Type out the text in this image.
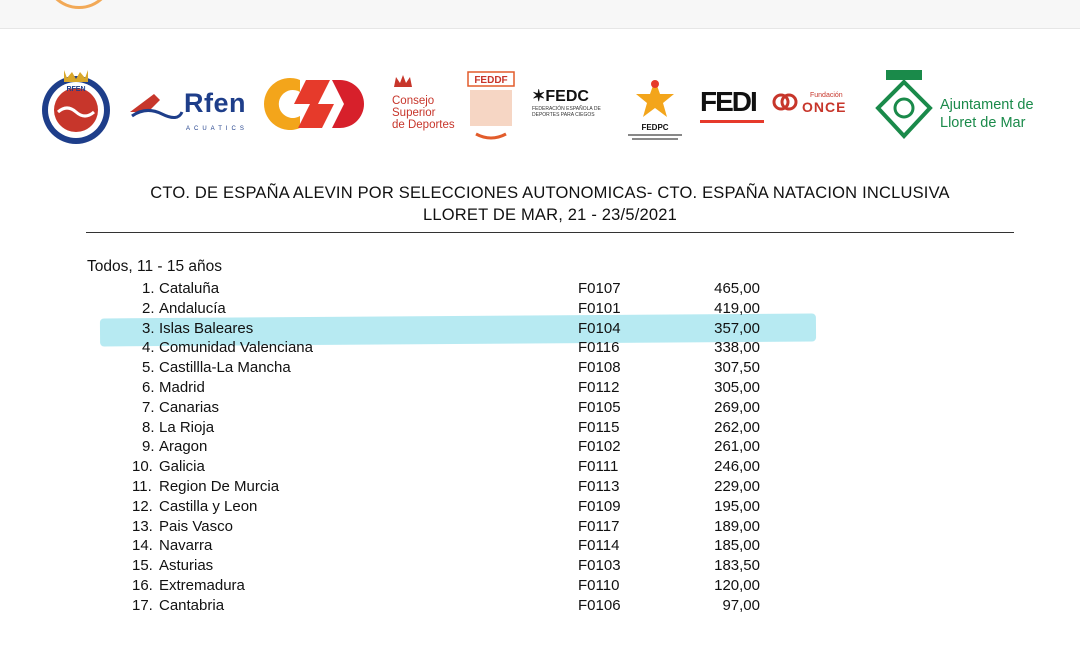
RFEN	Rfen
ACUATICS
Consejo
Superior
de Deportes
FEDDF
✶FEDC
FEDERACIÓN ESPAÑOLA DE DEPORTES PARA CIEGOS
FEDPC
FEDI	Fundación
ONCE	Ajuntament de
Lloret de Mar
CTO. DE ESPAÑA ALEVIN POR SELECCIONES AUTONOMICAS- CTO. ESPAÑA NATACION INCLUSIVA
LLORET DE MAR, 21 - 23/5/2021
Todos, 11 - 15 años
1. Cataluña	F0107	465,00
2. Andalucía	F0101	419,00
3. Islas Baleares	F0104	357,00
4. Comunidad Valenciana	F0116	338,00
5. Castillla-La Mancha	F0108	307,50
6. Madrid	F0112	305,00
7. Canarias	F0105	269,00
8. La Rioja	F0115	262,00
9. Aragon	F0102	261,00
10. Galicia	F0111	246,00
11. Region De Murcia	F0113	229,00
12. Castilla y Leon	F0109	195,00
13. Pais Vasco	F0117	189,00
14. Navarra	F0114	185,00
15. Asturias	F0103	183,50
16. Extremadura	F0110	120,00
17. Cantabria	F0106	97,00
